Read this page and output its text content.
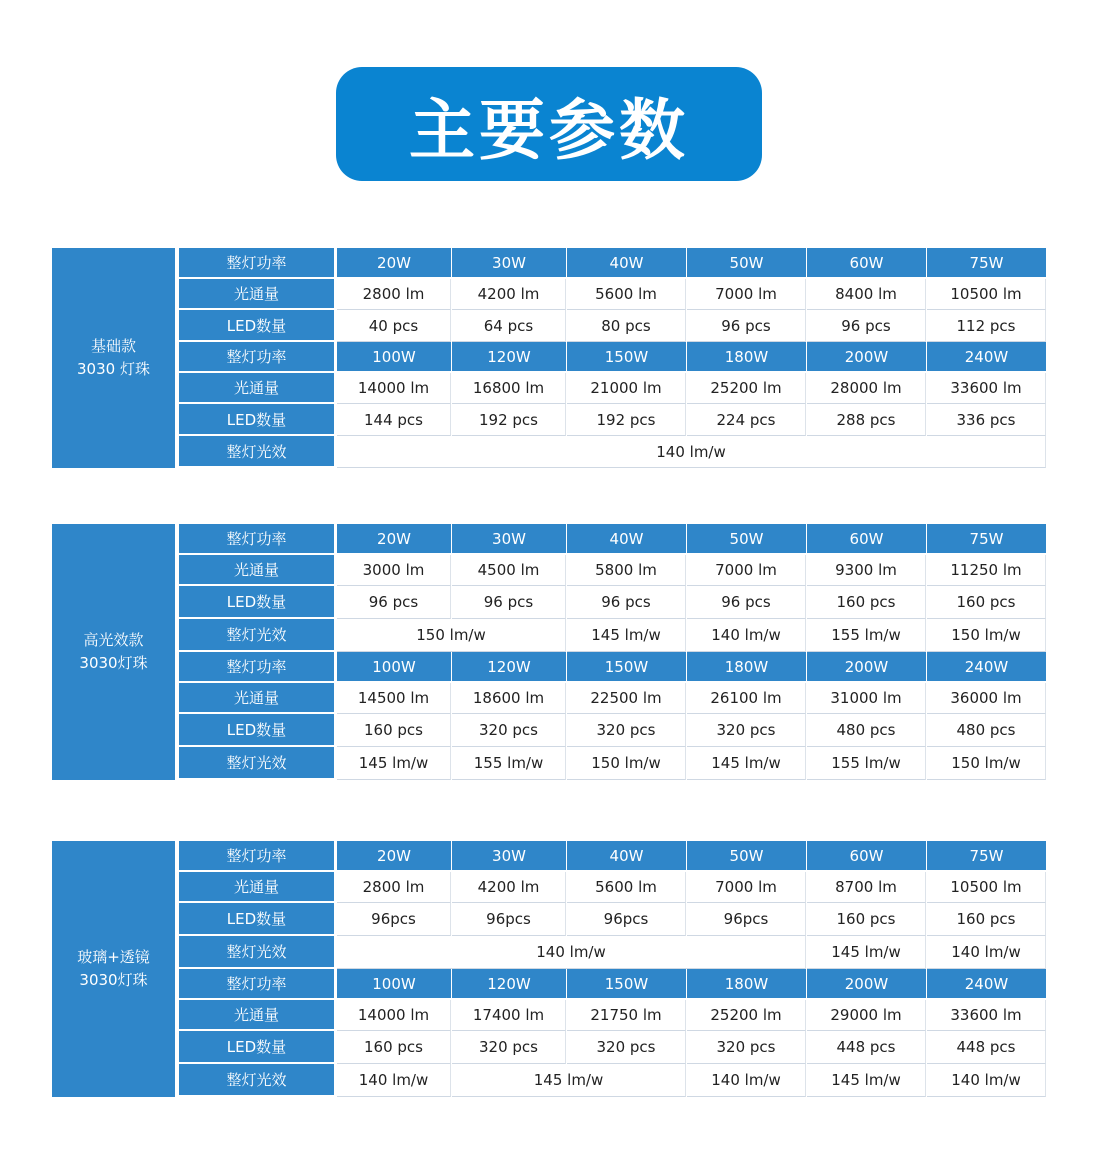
主要参数
基础款
3030 灯珠
整灯功率	20W	30W	40W	50W	60W	75W
光通量	2800 lm	4200 lm	5600 lm	7000 lm	8400 lm	10500 lm
LED数量	40 pcs	64 pcs	80 pcs	96 pcs	96 pcs	112 pcs
整灯功率	100W	120W	150W	180W	200W	240W
光通量	14000 lm	16800 lm	21000 lm	25200 lm	28000 lm	33600 lm
LED数量	144 pcs	192 pcs	192 pcs	224 pcs	288 pcs	336 pcs
整灯光效	140 lm/w
高光效款
3030灯珠
整灯功率	20W	30W	40W	50W	60W	75W
光通量	3000 lm	4500 lm	5800 lm	7000 lm	9300 lm	11250 lm
LED数量	96 pcs	96 pcs	96 pcs	96 pcs	160 pcs	160 pcs
整灯光效	150 lm/w	145 lm/w	140 lm/w	155 lm/w	150 lm/w
整灯功率	100W	120W	150W	180W	200W	240W
光通量	14500 lm	18600 lm	22500 lm	26100 lm	31000 lm	36000 lm
LED数量	160 pcs	320 pcs	320 pcs	320 pcs	480 pcs	480 pcs
整灯光效	145 lm/w	155 lm/w	150 lm/w	145 lm/w	155 lm/w	150 lm/w
玻璃+透镜
3030灯珠
整灯功率	20W	30W	40W	50W	60W	75W
光通量	2800 lm	4200 lm	5600 lm	7000 lm	8700 lm	10500 lm
LED数量	96pcs	96pcs	96pcs	96pcs	160 pcs	160 pcs
整灯光效	140 lm/w	145 lm/w	140 lm/w
整灯功率	100W	120W	150W	180W	200W	240W
光通量	14000 lm	17400 lm	21750 lm	25200 lm	29000 lm	33600 lm
LED数量	160 pcs	320 pcs	320 pcs	320 pcs	448 pcs	448 pcs
整灯光效	140 lm/w	145 lm/w	140 lm/w	145 lm/w	140 lm/w
